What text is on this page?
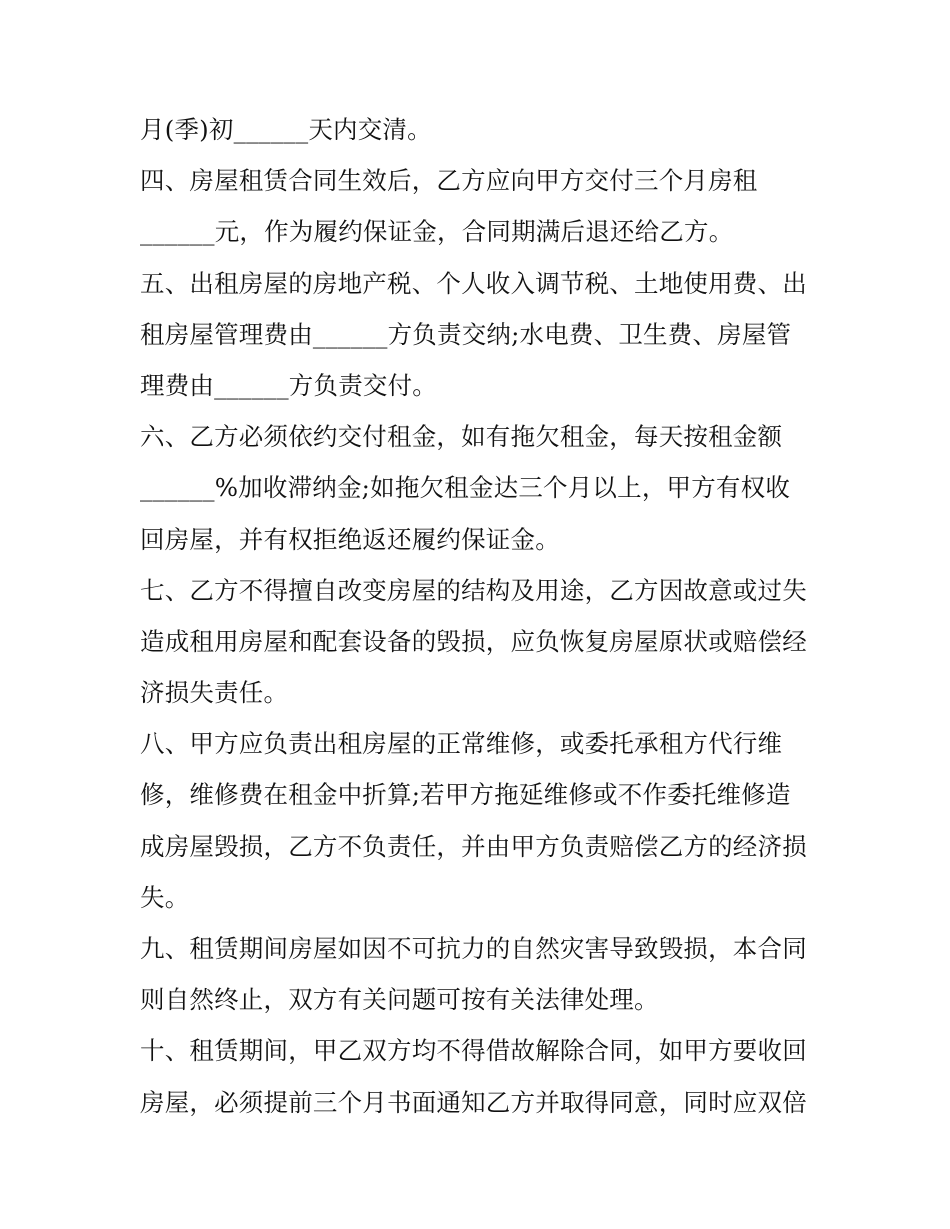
月(季)初______天内交清。
四、房屋租赁合同生效后，乙方应向甲方交付三个月房租
______元，作为履约保证金，合同期满后退还给乙方。
五、出租房屋的房地产税、个人收入调节税、土地使用费、出
租房屋管理费由______方负责交纳;水电费、卫生费、房屋管
理费由______方负责交付。
六、乙方必须依约交付租金，如有拖欠租金，每天按租金额
______%加收滞纳金;如拖欠租金达三个月以上，甲方有权收
回房屋，并有权拒绝返还履约保证金。
七、乙方不得擅自改变房屋的结构及用途，乙方因故意或过失
造成租用房屋和配套设备的毁损，应负恢复房屋原状或赔偿经
济损失责任。
八、甲方应负责出租房屋的正常维修，或委托承租方代行维
修，维修费在租金中折算;若甲方拖延维修或不作委托维修造
成房屋毁损，乙方不负责任，并由甲方负责赔偿乙方的经济损
失。
九、租赁期间房屋如因不可抗力的自然灾害导致毁损，本合同
则自然终止，双方有关问题可按有关法律处理。
十、租赁期间，甲乙双方均不得借故解除合同，如甲方要收回
房屋，必须提前三个月书面通知乙方并取得同意，同时应双倍
